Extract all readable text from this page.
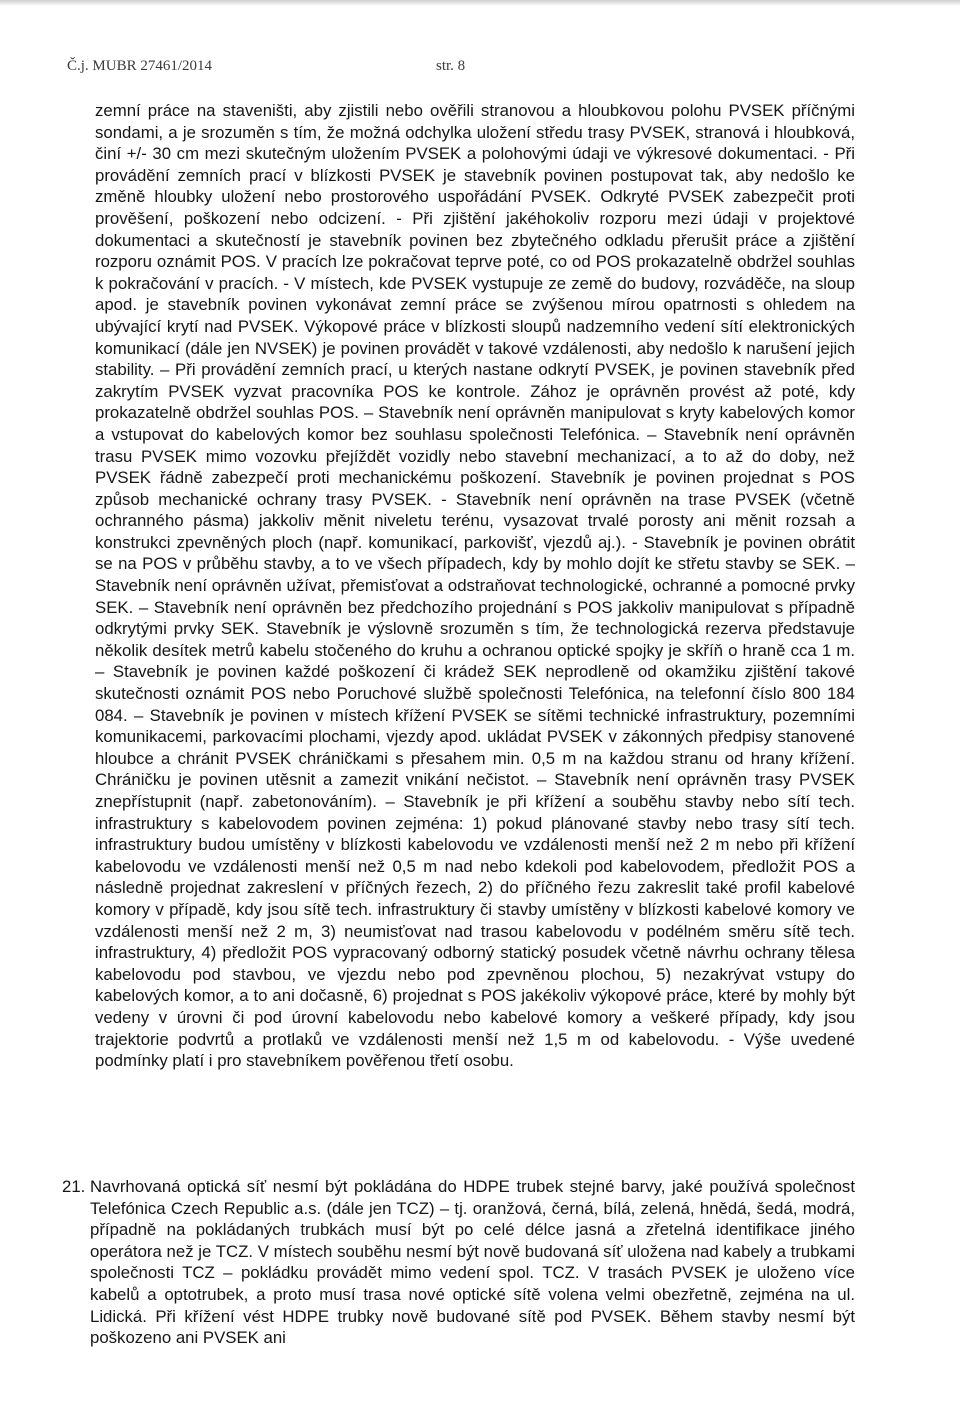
Č.j. MUBR 27461/2014	str. 8

zemní práce na staveništi, aby zjistili nebo ověřili stranovou a hloubkovou polohu PVSEK příčnými sondami, a je srozuměn s tím, že možná odchylka uložení středu trasy PVSEK, stranová i hloubková, činí +/- 30 cm mezi skutečným uložením PVSEK a polohovými údaji ve výkresové dokumentaci. - Při provádění zemních prací v blízkosti PVSEK je stavebník povinen postupovat tak, aby nedošlo ke změně hloubky uložení nebo prostorového uspořádání PVSEK. Odkryté PVSEK zabezpečit proti prověšení, poškození nebo odcizení. - Při zjištění jakéhokoliv rozporu mezi údaji v projektové dokumentaci a skutečností je stavebník povinen bez zbytečného odkladu přerušit práce a zjištění rozporu oznámit POS. V pracích lze pokračovat teprve poté, co od POS prokazatelně obdržel souhlas k pokračování v pracích. - V místech, kde PVSEK vystupuje ze země do budovy, rozváděče, na sloup apod. je stavebník povinen vykonávat zemní práce se zvýšenou mírou opatrnosti s ohledem na ubývající krytí nad PVSEK. Výkopové práce v blízkosti sloupů nadzemního vedení sítí elektronických komunikací (dále jen NVSEK) je povinen provádět v takové vzdálenosti, aby nedošlo k narušení jejich stability. – Při provádění zemních prací, u kterých nastane odkrytí PVSEK, je povinen stavebník před zakrytím PVSEK vyzvat pracovníka POS ke kontrole. Zához je oprávněn provést až poté, kdy prokazatelně obdržel souhlas POS. – Stavebník není oprávněn manipulovat s kryty kabelových komor a vstupovat do kabelových komor bez souhlasu společnosti Telefónica. – Stavebník není oprávněn trasu PVSEK mimo vozovku přejíždět vozidly nebo stavební mechanizací, a to až do doby, než PVSEK řádně zabezpečí proti mechanickému poškození. Stavebník je povinen projednat s POS způsob mechanické ochrany trasy PVSEK. - Stavebník není oprávněn na trase PVSEK (včetně ochranného pásma) jakkoliv měnit niveletu terénu, vysazovat trvalé porosty ani měnit rozsah a konstrukci zpevněných ploch (např. komunikací, parkovišť, vjezdů aj.). - Stavebník je povinen obrátit se na POS v průběhu stavby, a to ve všech případech, kdy by mohlo dojít ke střetu stavby se SEK. – Stavebník není oprávněn užívat, přemisťovat a odstraňovat technologické, ochranné a pomocné prvky SEK. – Stavebník není oprávněn bez předchozího projednání s POS jakkoliv manipulovat s případně odkrytými prvky SEK. Stavebník je výslovně srozuměn s tím, že technologická rezerva představuje několik desítek metrů kabelu stočeného do kruhu a ochranou optické spojky je skříň o hraně cca 1 m. – Stavebník je povinen každé poškození či krádež SEK neprodleně od okamžiku zjištění takové skutečnosti oznámit POS nebo Poruchové službě společnosti Telefónica, na telefonní číslo 800 184 084. – Stavebník je povinen v místech křížení PVSEK se sítěmi technické infrastruktury, pozemními komunikacemi, parkovacími plochami, vjezdy apod. ukládat PVSEK v zákonných předpisy stanovené hloubce a chránit PVSEK chráničkami s přesahem min. 0,5 m na každou stranu od hrany křížení. Chráničku je povinen utěsnit a zamezit vnikání nečistot. – Stavebník není oprávněn trasy PVSEK znepřístupnit (např. zabetonováním). – Stavebník je při křížení a souběhu stavby nebo sítí tech. infrastruktury s kabelovodem povinen zejména: 1) pokud plánované stavby nebo trasy sítí tech. infrastruktury budou umístěny v blízkosti kabelovodu ve vzdálenosti menší než 2 m nebo při křížení kabelovodu ve vzdálenosti menší než 0,5 m nad nebo kdekoli pod kabelovodem, předložit POS a následně projednat zakreslení v příčných řezech, 2) do příčného řezu zakreslit také profil kabelové komory v případě, kdy jsou sítě tech. infrastruktury či stavby umístěny v blízkosti kabelové komory ve vzdálenosti menší než 2 m, 3) neumisťovat nad trasou kabelovodu v podélném směru sítě tech. infrastruktury, 4) předložit POS vypracovaný odborný statický posudek včetně návrhu ochrany tělesa kabelovodu pod stavbou, ve vjezdu nebo pod zpevněnou plochou, 5) nezakrývat vstupy do kabelových komor, a to ani dočasně, 6) projednat s POS jakékoliv výkopové práce, které by mohly být vedeny v úrovni či pod úrovní kabelovodu nebo kabelové komory a veškeré případy, kdy jsou trajektorie podvrtů a protlaků ve vzdálenosti menší než 1,5 m od kabelovodu. - Výše uvedené podmínky platí i pro stavebníkem pověřenou třetí osobu.

21. Navrhovaná optická síť nesmí být pokládána do HDPE trubek stejné barvy, jaké používá společnost Telefónica Czech Republic a.s. (dále jen TCZ) – tj. oranžová, černá, bílá, zelená, hnědá, šedá, modrá, případně na pokládaných trubkách musí být po celé délce jasná a zřetelná identifikace jiného operátora než je TCZ. V místech souběhu nesmí být nově budovaná síť uložena nad kabely a trubkami společnosti TCZ – pokládku provádět mimo vedení spol. TCZ. V trasách PVSEK je uloženo více kabelů a optotrubek, a proto musí trasa nové optické sítě volena velmi obezřetně, zejména na ul. Lidická. Při křížení vést HDPE trubky nově budované sítě pod PVSEK. Během stavby nesmí být poškozeno ani PVSEK ani
